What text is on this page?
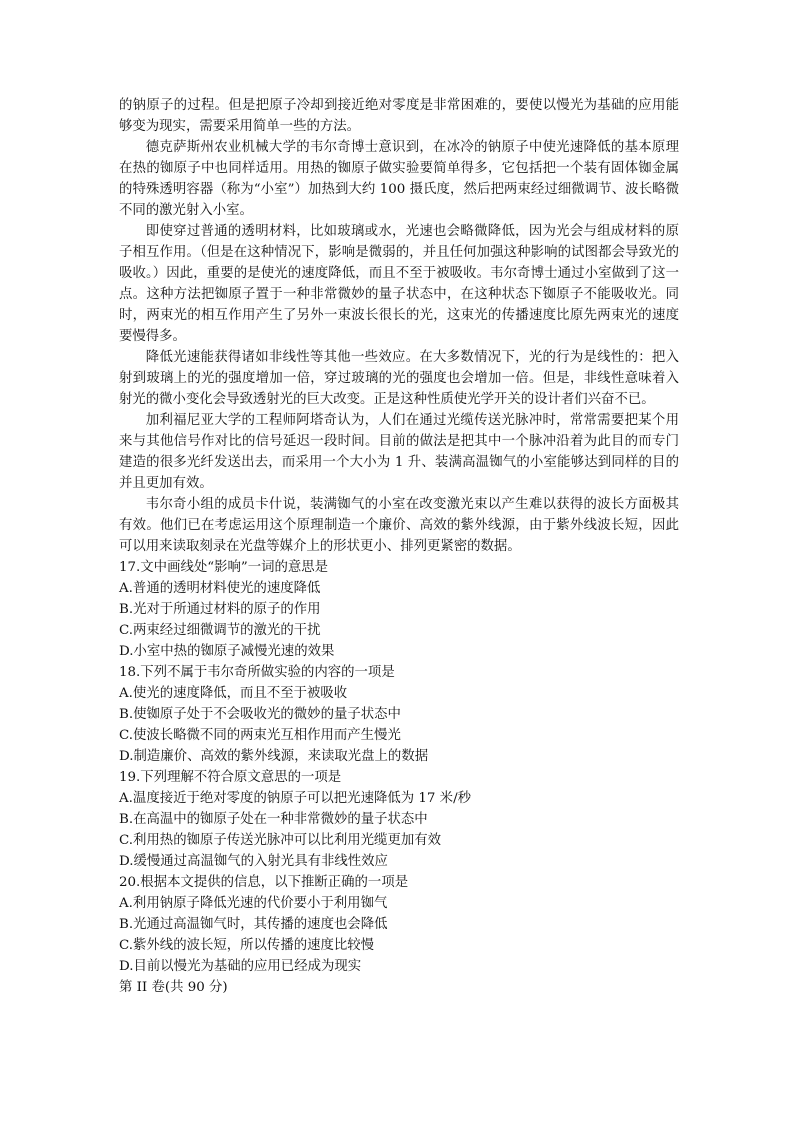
的钠原子的过程。但是把原子冷却到接近绝对零度是非常困难的，要使以慢光为基础的应用能够变为现实，需要采用简单一些的方法。

德克萨斯州农业机械大学的韦尔奇博士意识到，在冰冷的钠原子中使光速降低的基本原理在热的铷原子中也同样适用。用热的铷原子做实验要简单得多，它包括把一个装有固体铷金属的特殊透明容器（称为“小室”）加热到大约 100 摄氏度，然后把两束经过细微调节、波长略微不同的激光射入小室。

即使穿过普通的透明材料，比如玻璃或水，光速也会略微降低，因为光会与组成材料的原子相互作用。（但是在这种情况下，影响是微弱的，并且任何加强这种影响的试图都会导致光的吸收。）因此，重要的是使光的速度降低，而且不至于被吸收。韦尔奇博士通过小室做到了这一点。这种方法把铷原子置于一种非常微妙的量子状态中，在这种状态下铷原子不能吸收光。同时，两束光的相互作用产生了另外一束波长很长的光，这束光的传播速度比原先两束光的速度要慢得多。

降低光速能获得诸如非线性等其他一些效应。在大多数情况下，光的行为是线性的：把入射到玻璃上的光的强度增加一倍，穿过玻璃的光的强度也会增加一倍。但是，非线性意味着入射光的微小变化会导致透射光的巨大改变。正是这种性质使光学开关的设计者们兴奋不已。

加利福尼亚大学的工程师阿塔奇认为，人们在通过光缆传送光脉冲时，常常需要把某个用来与其他信号作对比的信号延迟一段时间。目前的做法是把其中一个脉冲沿着为此目的而专门建造的很多光纤发送出去，而采用一个大小为 1 升、装满高温铷气的小室能够达到同样的目的并且更加有效。

韦尔奇小组的成员卡什说，装满铷气的小室在改变激光束以产生难以获得的波长方面极其有效。他们已在考虑运用这个原理制造一个廉价、高效的紫外线源，由于紫外线波长短，因此可以用来读取刻录在光盘等媒介上的形状更小、排列更紧密的数据。

17.文中画线处“影响”一词的意思是

A.普通的透明材料使光的速度降低

B.光对于所通过材料的原子的作用

C.两束经过细微调节的激光的干扰

D.小室中热的铷原子减慢光速的效果

18.下列不属于韦尔奇所做实验的内容的一项是

A.使光的速度降低，而且不至于被吸收

B.使铷原子处于不会吸收光的微妙的量子状态中

C.使波长略微不同的两束光互相作用而产生慢光

D.制造廉价、高效的紫外线源，来读取光盘上的数据

19.下列理解不符合原文意思的一项是

A.温度接近于绝对零度的钠原子可以把光速降低为 17 米/秒

B.在高温中的铷原子处在一种非常微妙的量子状态中

C.利用热的铷原子传送光脉冲可以比利用光缆更加有效

D.缓慢通过高温铷气的入射光具有非线性效应

20.根据本文提供的信息，以下推断正确的一项是

A.利用钠原子降低光速的代价要小于利用铷气

B.光通过高温铷气时，其传播的速度也会降低

C.紫外线的波长短，所以传播的速度比较慢

D.目前以慢光为基础的应用已经成为现实

第 II 卷(共 90 分)
